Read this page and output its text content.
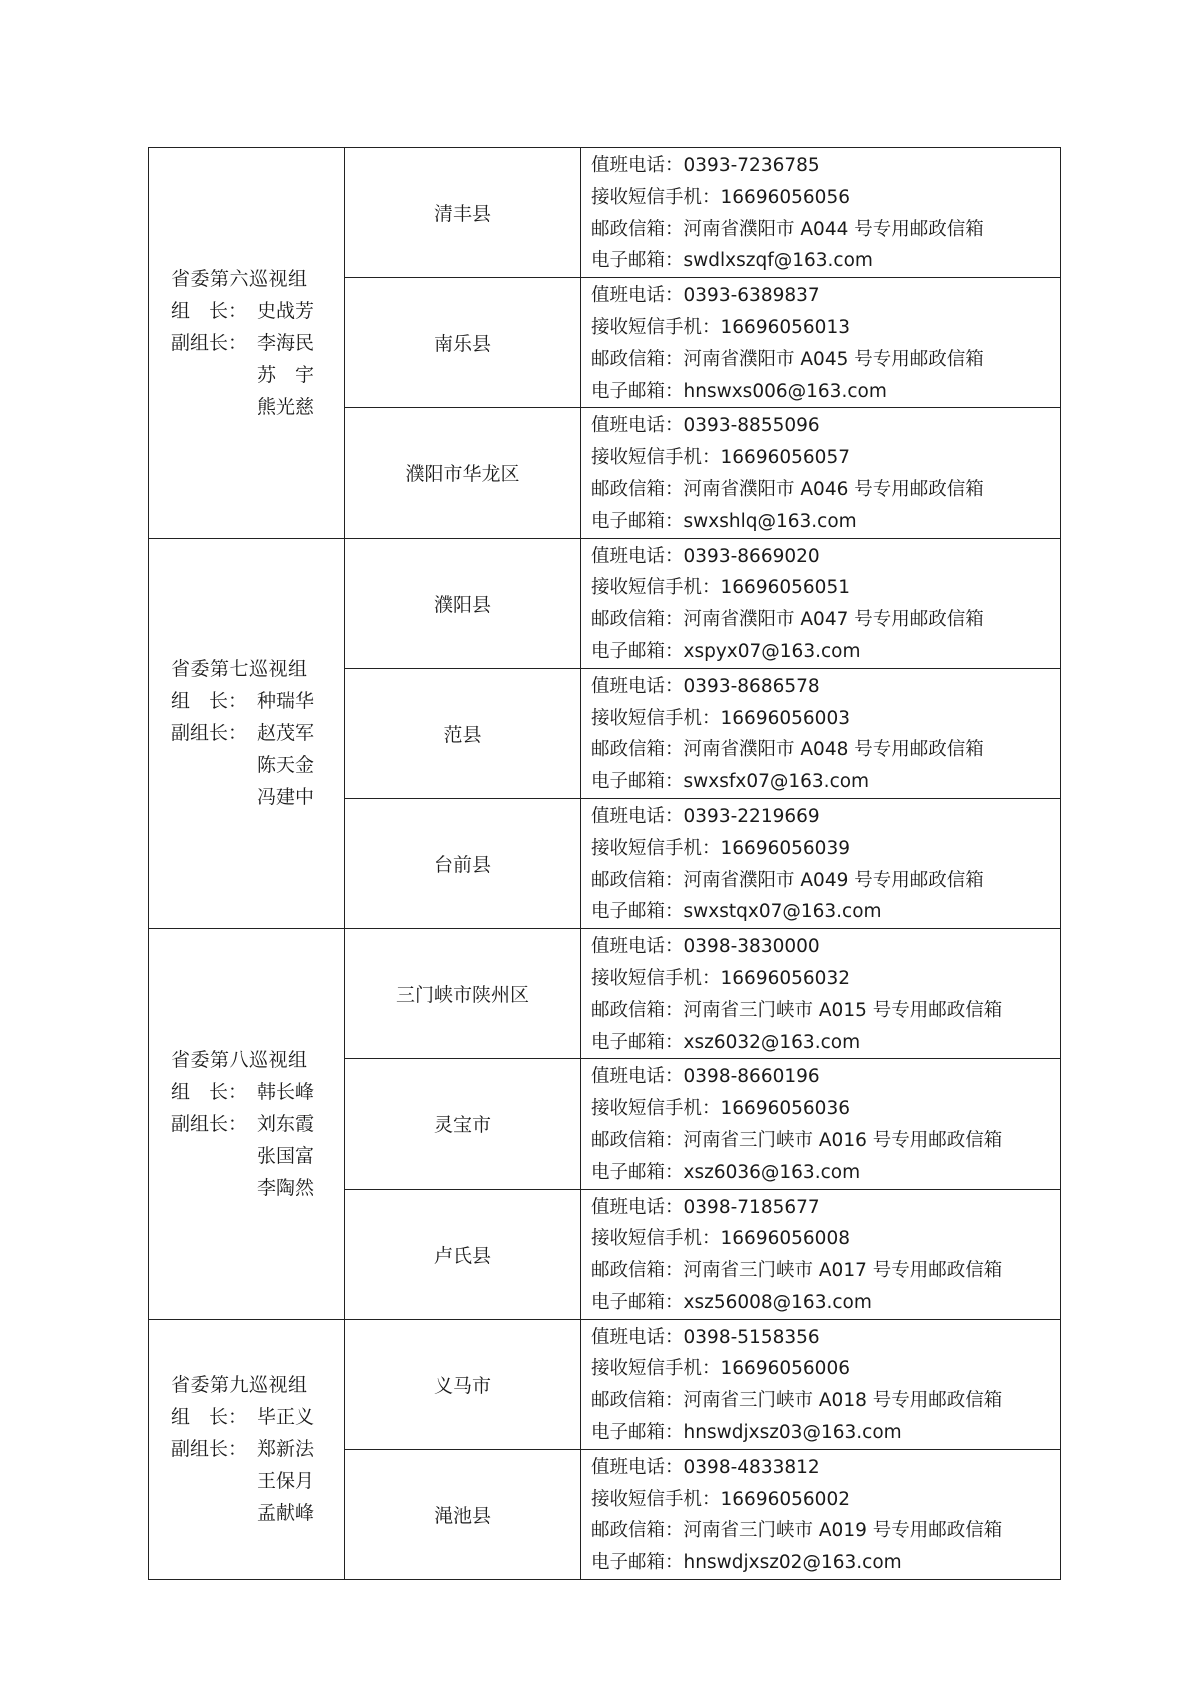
省委第六巡视组
组　长： 史战芳
副组长： 李海民
苏　宇
熊光慈	清丰县	值班电话：0393-7236785
接收短信手机：16696056056
邮政信箱：河南省濮阳市 A044 号专用邮政信箱
电子邮箱：swdlxszqf@163.com

	南乐县	值班电话：0393-6389837
接收短信手机：16696056013
邮政信箱：河南省濮阳市 A045 号专用邮政信箱
电子邮箱：hnswxs006@163.com

	濮阳市华龙区	值班电话：0393-8855096
接收短信手机：16696056057
邮政信箱：河南省濮阳市 A046 号专用邮政信箱
电子邮箱：swxshlq@163.com

省委第七巡视组
组　长： 种瑞华
副组长： 赵茂军
陈天金
冯建中	濮阳县	值班电话：0393-8669020
接收短信手机：16696056051
邮政信箱：河南省濮阳市 A047 号专用邮政信箱
电子邮箱：xspyx07@163.com

	范县	值班电话：0393-8686578
接收短信手机：16696056003
邮政信箱：河南省濮阳市 A048 号专用邮政信箱
电子邮箱：swxsfx07@163.com

	台前县	值班电话：0393-2219669
接收短信手机：16696056039
邮政信箱：河南省濮阳市 A049 号专用邮政信箱
电子邮箱：swxstqx07@163.com

省委第八巡视组
组　长： 韩长峰
副组长： 刘东霞
张国富
李陶然	三门峡市陕州区	值班电话：0398-3830000
接收短信手机：16696056032
邮政信箱：河南省三门峡市 A015 号专用邮政信箱
电子邮箱：xsz6032@163.com

	灵宝市	值班电话：0398-8660196
接收短信手机：16696056036
邮政信箱：河南省三门峡市 A016 号专用邮政信箱
电子邮箱：xsz6036@163.com

	卢氏县	值班电话：0398-7185677
接收短信手机：16696056008
邮政信箱：河南省三门峡市 A017 号专用邮政信箱
电子邮箱：xsz56008@163.com

省委第九巡视组
组　长： 毕正义
副组长： 郑新法
王保月
孟献峰	义马市	值班电话：0398-5158356
接收短信手机：16696056006
邮政信箱：河南省三门峡市 A018 号专用邮政信箱
电子邮箱：hnswdjxsz03@163.com

	渑池县	值班电话：0398-4833812
接收短信手机：16696056002
邮政信箱：河南省三门峡市 A019 号专用邮政信箱
电子邮箱：hnswdjxsz02@163.com
